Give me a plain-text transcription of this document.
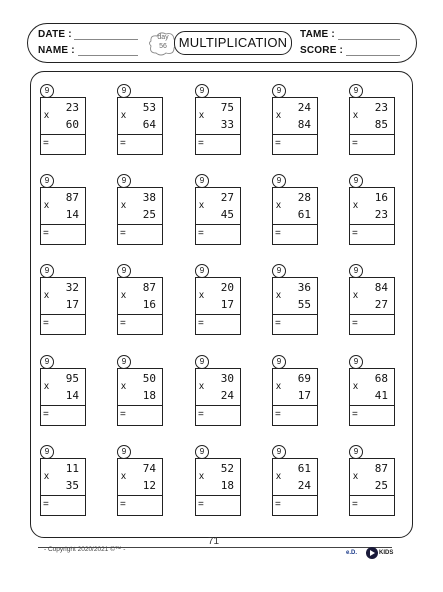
DATE :
NAME :
day
56 MULTIPLICATION
TAME :
SCORE :
9
23
x
60
=
9
53
x
64
=
9
75
x
33
=
9
24
x
84
=
9
23
x
85
=
9
87
x
14
=
9
38
x
25
=
9
27
x
45
=
9
28
x
61
=
9
16
x
23
=
9
32
x
17
=
9
87
x
16
=
9
20
x
17
=
9
36
x
55
=
9
84
x
27
=
9
95
x
14
=
9
50
x
18
=
9
30
x
24
=
9
69
x
17
=
9
68
x
41
=
9
11
x
35
=
9
74
x
12
=
9
52
x
18
=
9
61
x
24
=
9
87
x
25
=
71
- Copyright 2020/2021 ©™ -	e.D.	KIDS
